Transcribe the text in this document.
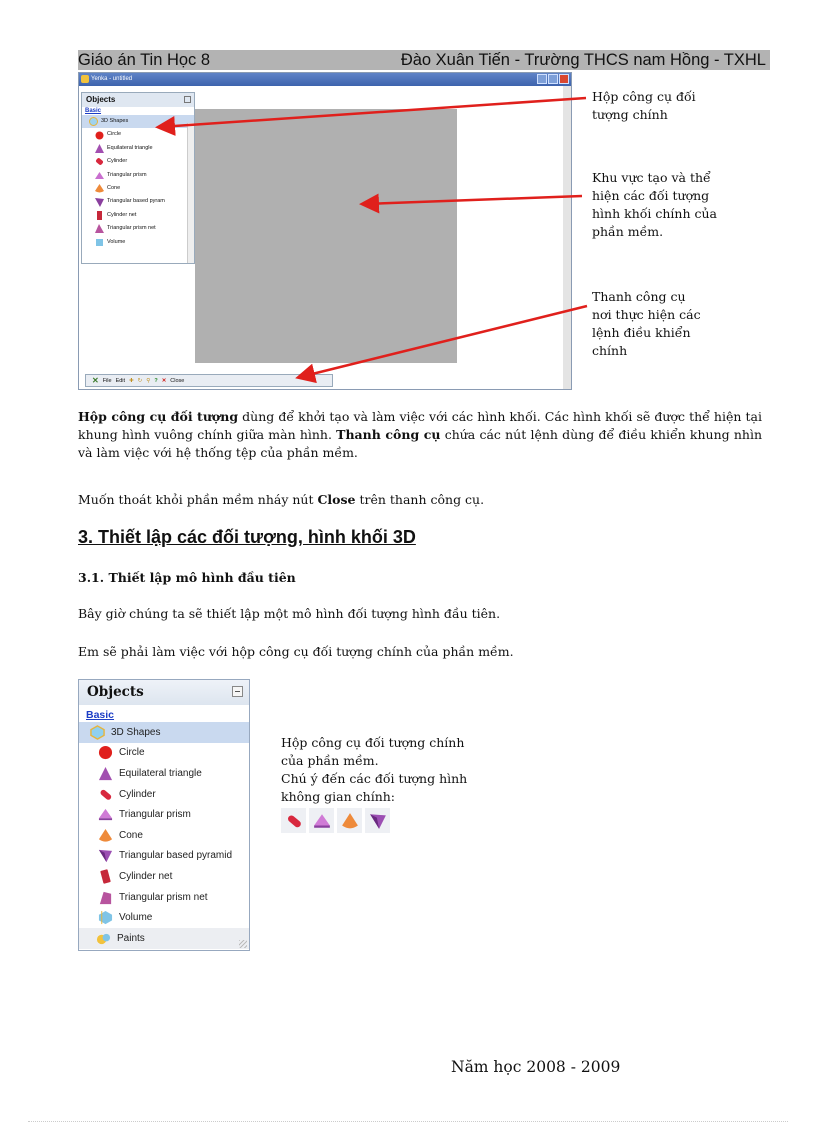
Giáo án Tin Học 8	Đào Xuân Tiến - Trường THCS nam Hồng - TXHL
Yenka - untitled
Objects
Basic
3D Shapes
Circle
Equilateral triangle
Cylinder
Triangular prism
Cone
Triangular based pyram
Cylinder net
Triangular prism net
Volume
✕ File Edit ✚ ↻ ⚲ ? ✕ Close
Hộp công cụ đối tượng chính
Khu vực tạo và thể hiện các đối tượng hình khối chính của phần mềm.
Thanh công cụ nơi thực hiện các lệnh điều khiển chính
Hộp công cụ đối tượng dùng để khởi tạo và làm việc với các hình khối. Các hình khối sẽ được thể hiện tại khung hình vuông chính giữa màn hình. Thanh công cụ chứa các nút lệnh dùng để điều khiển khung nhìn và làm việc với hệ thống tệp của phần mềm.
Muốn thoát khỏi phần mềm nháy nút Close trên thanh công cụ.
3. Thiết lập các đối tượng, hình khối 3D
3.1. Thiết lập mô hình đầu tiên
Bây giờ chúng ta sẽ thiết lập một mô hình đối tượng hình đầu tiên.
Em sẽ phải làm việc với hộp công cụ đối tượng chính của phần mềm.
Objects
Basic
3D Shapes
Circle
Equilateral triangle
Cylinder
Triangular prism
Cone
Triangular based pyramid
Cylinder net
Triangular prism net
Volume
Paints
Hộp công cụ đối tượng chính
của phần mềm.
Chú ý đến các đối tượng hình
không gian chính:
Năm học 2008 - 2009
